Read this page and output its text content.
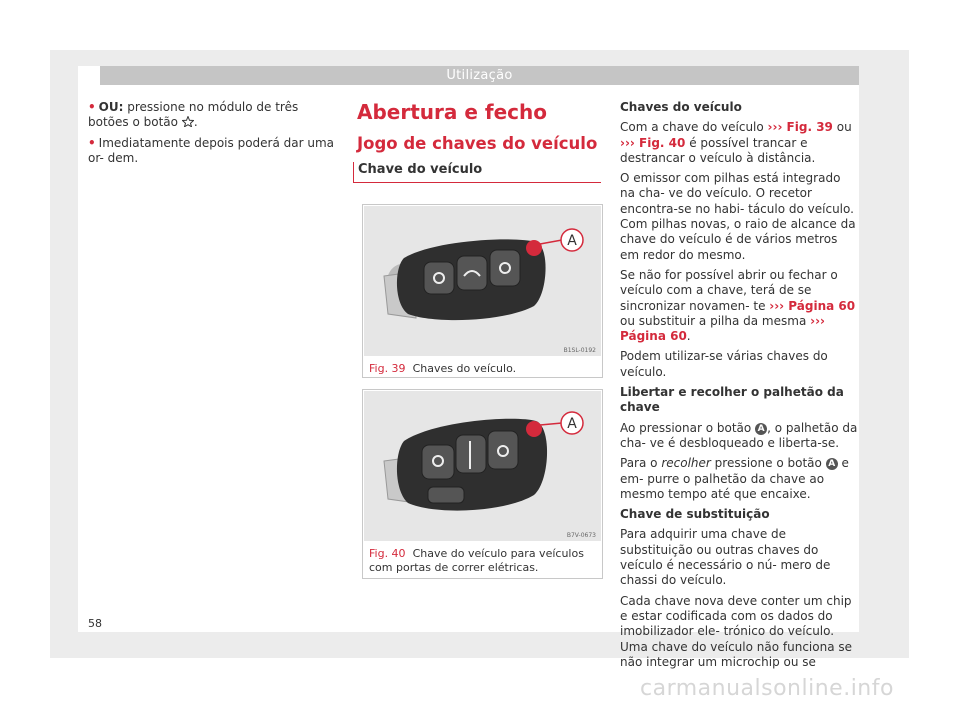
Utilização

• OU: pressione no módulo de três botões o botão .

• Imediatamente depois poderá dar uma or- dem.

Abertura e fecho
Jogo de chaves do veículo
Chave do veículo
A
B1SL-0192
Fig. 39 Chaves do veículo.
A
B7V-0673
Fig. 40 Chave do veículo para veículos com portas de correr elétricas.

Chaves do veículo

Com a chave do veículo ››› Fig. 39 ou ››› Fig. 40 é possível trancar e destrancar o veículo à distância.

O emissor com pilhas está integrado na cha- ve do veículo. O recetor encontra-se no habi- táculo do veículo. Com pilhas novas, o raio de alcance da chave do veículo é de vários metros em redor do mesmo.

Se não for possível abrir ou fechar o veículo com a chave, terá de se sincronizar novamen- te ››› Página 60 ou substituir a pilha da mesma ››› Página 60.

Podem utilizar-se várias chaves do veículo.

Libertar e recolher o palhetão da chave

Ao pressionar o botão A , o palhetão da cha- ve é desbloqueado e liberta-se.

Para o recolher pressione o botão A e em- purre o palhetão da chave ao mesmo tempo até que encaixe.

Chave de substituição

Para adquirir uma chave de substituição ou outras chaves do veículo é necessário o nú- mero de chassi do veículo.

Cada chave nova deve conter um chip e estar codificada com os dados do imobilizador ele- trónico do veículo. Uma chave do veículo não funciona se não integrar um microchip ou se

58
carmanualsonline.info
